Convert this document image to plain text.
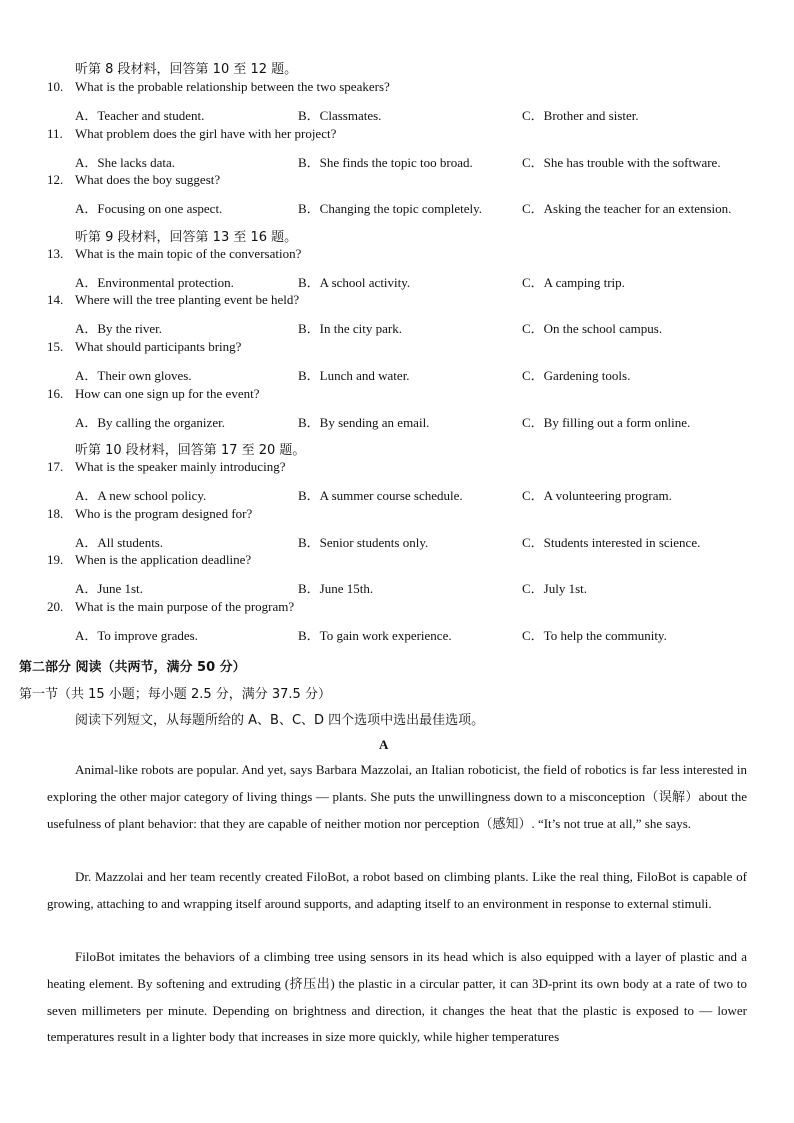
听第 8 段材料，回答第 10 至 12 题。
听第 9 段材料，回答第 13 至 16 题。
听第 10 段材料，回答第 17 至 20 题。
10. What is the probable relationship between the two speakers?
A．Teacher and student.	B．Classmates.	C．Brother and sister.
11. What problem does the girl have with her project?
A．She lacks data.	B．She finds the topic too broad.	C．She has trouble with the software.
12. What does the boy suggest?
A．Focusing on one aspect.	B．Changing the topic completely.	C．Asking the teacher for an extension.
13. What is the main topic of the conversation?
A．Environmental protection.	B．A school activity.	C．A camping trip.
14. Where will the tree planting event be held?
A．By the river.	B．In the city park.	C．On the school campus.
15. What should participants bring?
A．Their own gloves.	B．Lunch and water.	C．Gardening tools.
16. How can one sign up for the event?
A．By calling the organizer.	B．By sending an email.	C．By filling out a form online.
17. What is the speaker mainly introducing?
A．A new school policy.	B．A summer course schedule.	C．A volunteering program.
18. Who is the program designed for?
A．All students.	B．Senior students only.	C．Students interested in science.
19. When is the application deadline?
A．June 1st.	B．June 15th.	C．July 1st.
20. What is the main purpose of the program?
A．To improve grades.	B．To gain work experience.	C．To help the community.
第二部分 阅读（共两节，满分 50 分）
第一节（共 15 小题；每小题 2.5 分，满分 37.5 分）
阅读下列短文，从每题所给的 A、B、C、D 四个选项中选出最佳选项。
A
Animal-like robots are popular. And yet, says Barbara Mazzolai, an Italian roboticist, the field of robotics is far less interested in exploring the other major category of living things — plants. She puts the unwillingness down to a misconception（误解）about the usefulness of plant behavior: that they are capable of neither motion nor perception（感知）. “It’s not true at all,” she says.
Dr. Mazzolai and her team recently created FiloBot, a robot based on climbing plants. Like the real thing, FiloBot is capable of growing, attaching to and wrapping itself around supports, and adapting itself to an environment in response to external stimuli.
FiloBot imitates the behaviors of a climbing tree using sensors in its head which is also equipped with a layer of plastic and a heating element. By softening and extruding (挤压出) the plastic in a circular patter, it can 3D-print its own body at a rate of two to seven millimeters per minute. Depending on brightness and direction, it changes the heat that the plastic is exposed to — lower temperatures result in a lighter body that increases in size more quickly, while higher temperatures
